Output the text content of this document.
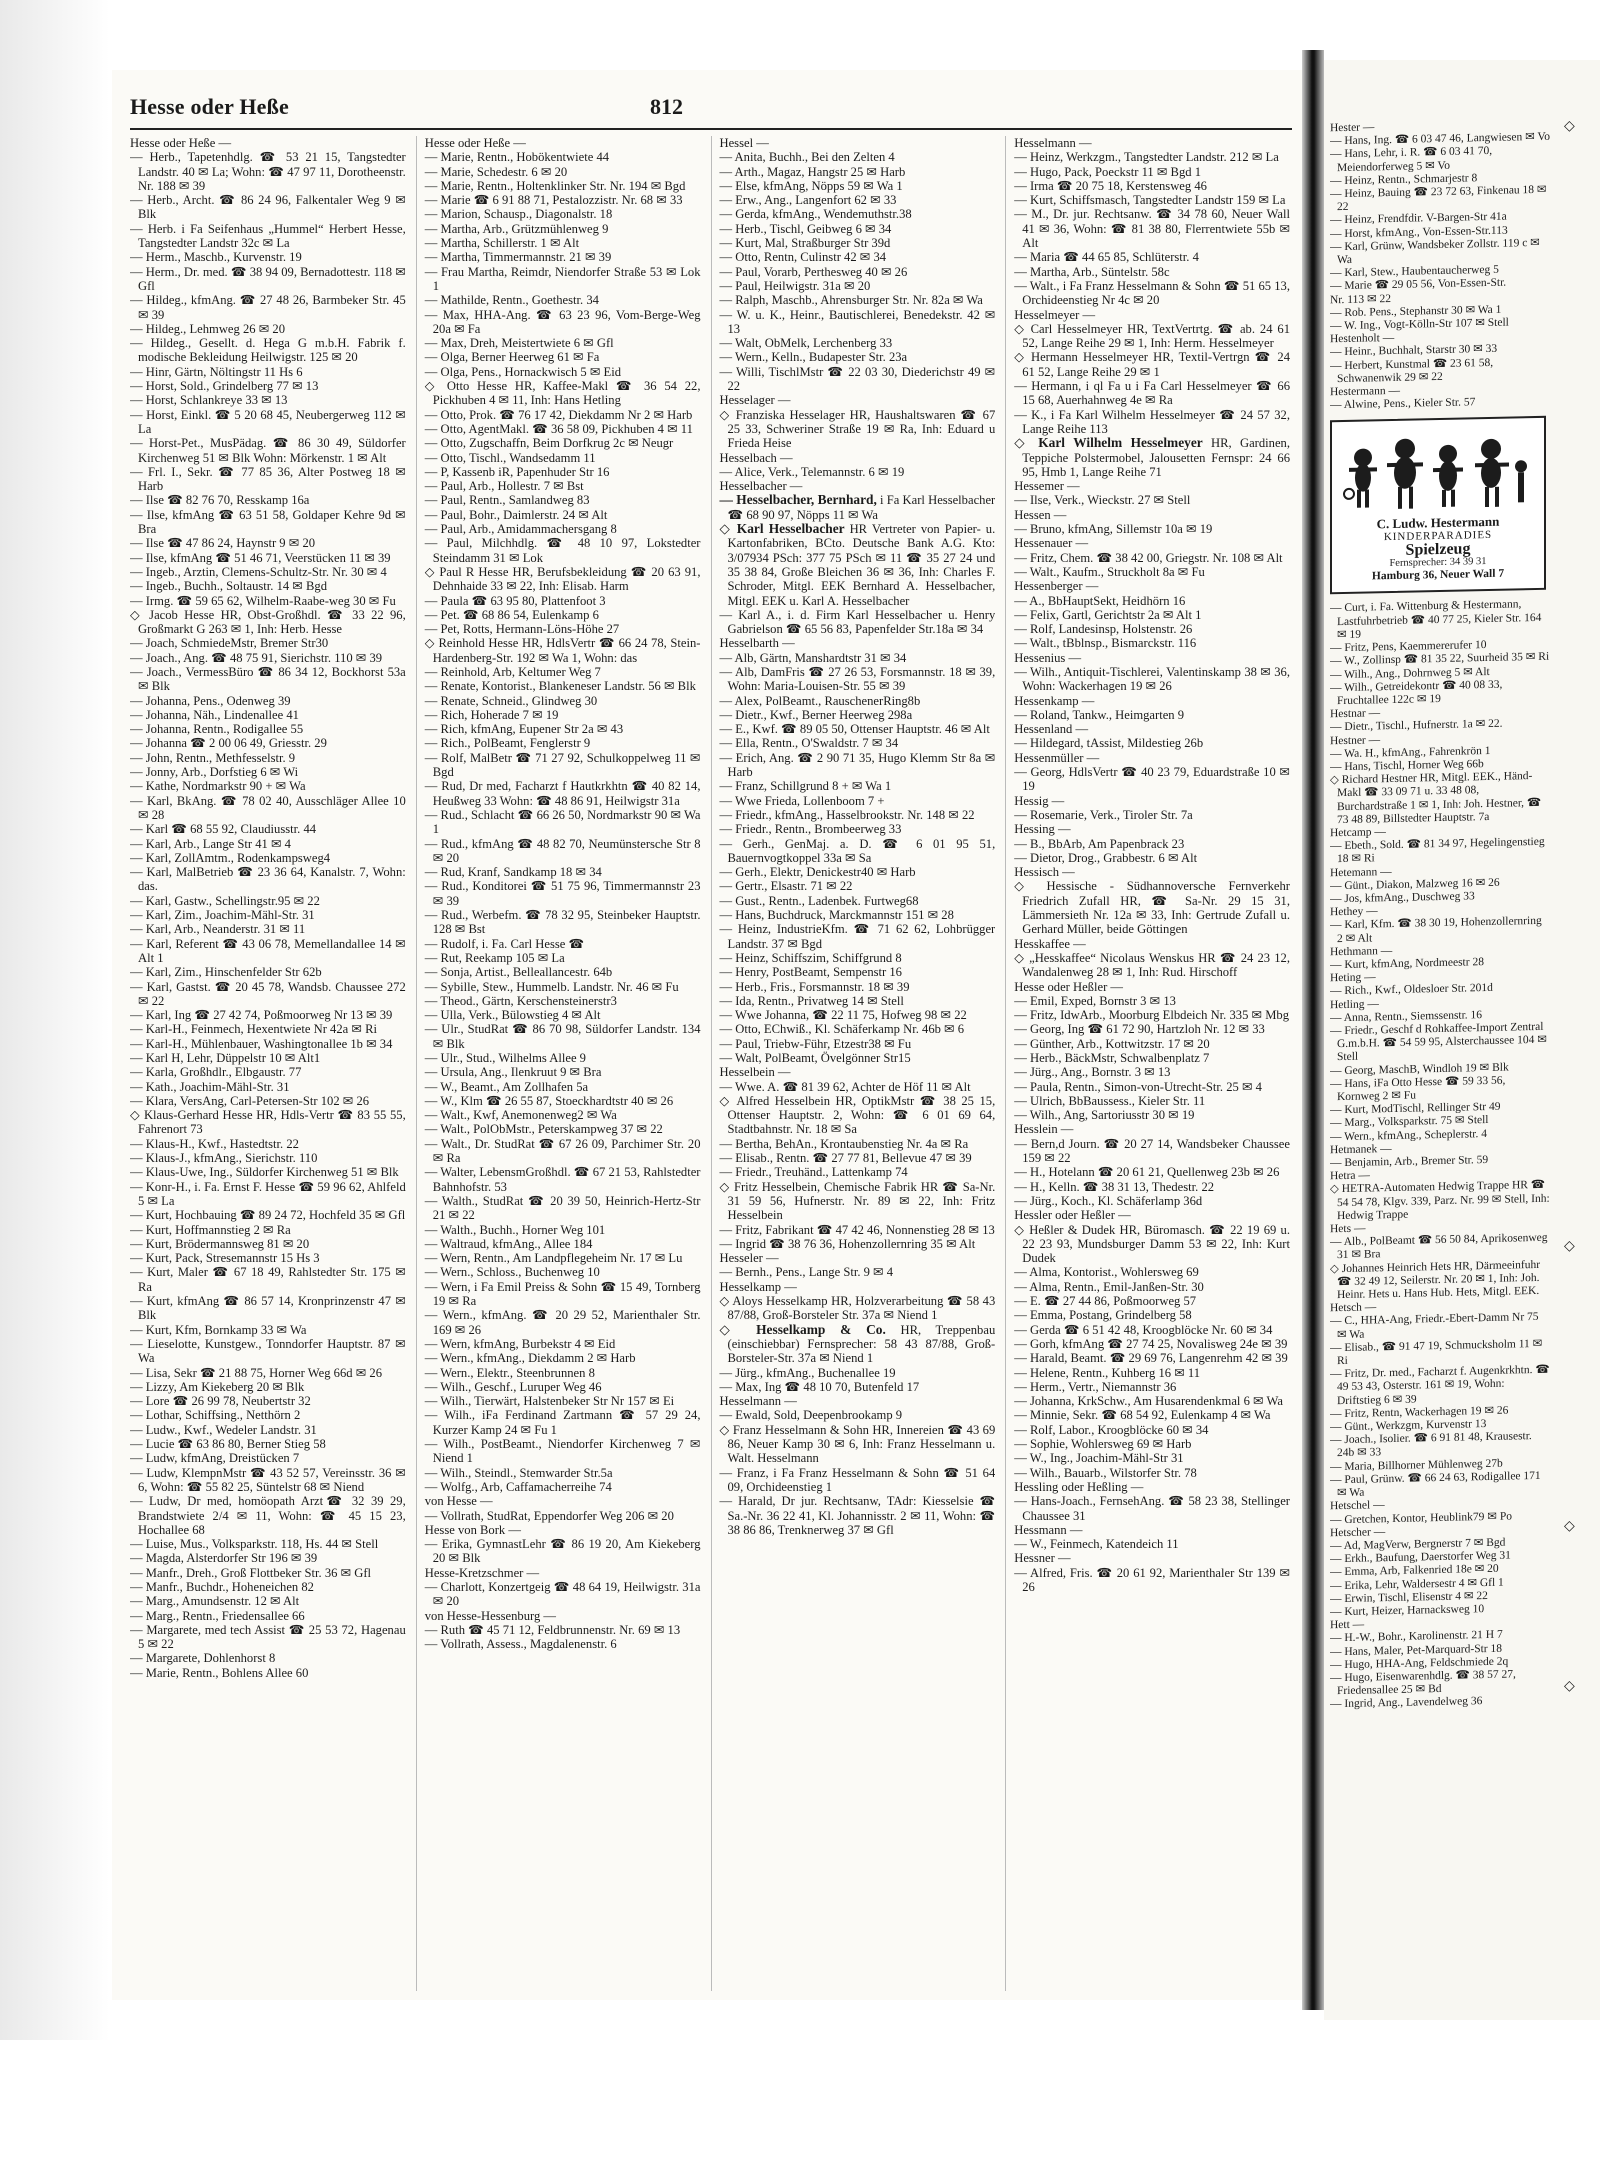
Hesse oder Heße	812
Hesse oder Heße —

— Herb., Tapetenhdlg. ☎ 53 21 15, Tangstedter Landstr. 40 ✉ La; Wohn: ☎ 47 97 11, Dorotheenstr. Nr. 188 ✉ 39

— Herb., Archt. ☎ 86 24 96, Falkentaler Weg 9 ✉ Blk

— Herb. i Fa Seifenhaus „Hummel“ Herbert Hesse, Tangstedter Landstr 32c ✉ La

— Herm., Maschb., Kurvenstr. 19

— Herm., Dr. med. ☎ 38 94 09, Bernadottestr. 118 ✉ Gfl

— Hildeg., kfmAng. ☎ 27 48 26, Barmbeker Str. 45 ✉ 39

— Hildeg., Lehmweg 26 ✉ 20

— Hildeg., Gesellt. d. Hega G m.b.H. Fabrik f. modische Bekleidung Heilwigstr. 125 ✉ 20

— Hinr, Gärtn, Nöltingstr 11 Hs 6

— Horst, Sold., Grindelberg 77 ✉ 13

— Horst, Schlankreye 33 ✉ 13

— Horst, Einkl. ☎ 5 20 68 45, Neubergerweg 112 ✉ La

— Horst-Pet., MusPädag. ☎ 86 30 49, Süldorfer Kirchenweg 51 ✉ Blk Wohn: Mörkenstr. 1 ✉ Alt

— Frl. I., Sekr. ☎ 77 85 36, Alter Postweg 18 ✉ Harb

— Ilse ☎ 82 76 70, Resskamp 16a

— Ilse, kfmAng ☎ 63 51 58, Goldaper Kehre 9d ✉ Bra

— Ilse ☎ 47 86 24, Haynstr 9 ✉ 20

— Ilse, kfmAng ☎ 51 46 71, Veerstücken 11 ✉ 39

— Ingeb., Arztin, Clemens-Schultz-Str. Nr. 30 ✉ 4

— Ingeb., Buchh., Soltaustr. 14 ✉ Bgd

— Irmg. ☎ 59 65 62, Wilhelm-Raabe-weg 30 ✉ Fu

◇ Jacob Hesse HR, Obst-Großhdl. ☎ 33 22 96, Großmarkt G 263 ✉ 1, Inh: Herb. Hesse

— Joach, SchmiedeMstr, Bremer Str30

— Joach., Ang. ☎ 48 75 91, Sierichstr. 110 ✉ 39

— Joach., VermessBüro ☎ 86 34 12, Bockhorst 53a ✉ Blk

— Johanna, Pens., Odenweg 39

— Johanna, Näh., Lindenallee 41

— Johanna, Rentn., Rodigallee 55

— Johanna ☎ 2 00 06 49, Griesstr. 29

— John, Rentn., Methfesselstr. 9

— Jonny, Arb., Dorfstieg 6 ✉ Wi

— Kathe, Nordmarkstr 90 + ✉ Wa

— Karl, BkAng. ☎ 78 02 40, Ausschläger Allee 10 ✉ 28

— Karl ☎ 68 55 92, Claudiusstr. 44

— Karl, Arb., Lange Str 41 ✉ 4

— Karl, ZollAmtm., Rodenkampsweg4

— Karl, MalBetrieb ☎ 23 36 64, Kanalstr. 7, Wohn: das.

— Karl, Gastw., Schellingstr.95 ✉ 22

— Karl, Zim., Joachim-Mähl-Str. 31

— Karl, Arb., Neanderstr. 31 ✉ 11

— Karl, Referent ☎ 43 06 78, Memellandallee 14 ✉ Alt 1

— Karl, Zim., Hinschenfelder Str 62b

— Karl, Gastst. ☎ 20 45 78, Wandsb. Chaussee 272 ✉ 22

— Karl, Ing ☎ 27 42 74, Poßmoorweg Nr 13 ✉ 39

— Karl-H., Feinmech, Hexentwiete Nr 42a ✉ Ri

— Karl-H., Mühlenbauer, Washingtonallee 1b ✉ 34

— Karl H, Lehr, Düppelstr 10 ✉ Alt1

— Karla, Großhdlr., Elbgaustr. 77

— Kath., Joachim-Mähl-Str. 31

— Klara, VersAng, Carl-Petersen-Str 102 ✉ 26

◇ Klaus-Gerhard Hesse HR, Hdls-Vertr ☎ 83 55 55, Fahrenort 73

— Klaus-H., Kwf., Hastedtstr. 22

— Klaus-J., kfmAng., Sierichstr. 110

— Klaus-Uwe, Ing., Süldorfer Kirchenweg 51 ✉ Blk

— Konr-H., i. Fa. Ernst F. Hesse ☎ 59 96 62, Ahlfeld 5 ✉ La

— Kurt, Hochbauing ☎ 89 24 72, Hochfeld 35 ✉ Gfl

— Kurt, Hoffmannstieg 2 ✉ Ra

— Kurt, Brödermannsweg 81 ✉ 20

— Kurt, Pack, Stresemannstr 15 Hs 3

— Kurt, Maler ☎ 67 18 49, Rahlstedter Str. 175 ✉ Ra

— Kurt, kfmAng ☎ 86 57 14, Kronprinzenstr 47 ✉ Blk

— Kurt, Kfm, Bornkamp 33 ✉ Wa

— Lieselotte, Kunstgew., Tonndorfer Hauptstr. 87 ✉ Wa

— Lisa, Sekr ☎ 21 88 75, Horner Weg 66d ✉ 26

— Lizzy, Am Kiekeberg 20 ✉ Blk

— Lore ☎ 26 99 78, Neubertstr 32

— Lothar, Schiffsing., Netthörn 2

— Ludw., Kwf., Wedeler Landstr. 31

— Lucie ☎ 63 86 80, Berner Stieg 58

— Ludw, kfmAng, Dreistücken 7

— Ludw, KlempnMstr ☎ 43 52 57, Vereinsstr. 36 ✉ 6, Wohn: ☎ 55 82 25, Süntelstr 68 ✉ Niend

— Ludw, Dr med, homöopath Arzt☎ 32 39 29, Brandstwiete 2/4 ✉ 11, Wohn: ☎ 45 15 23, Hochallee 68

— Luise, Mus., Volksparkstr. 118, Hs. 44 ✉ Stell

— Magda, Alsterdorfer Str 196 ✉ 39

— Manfr., Dreh., Groß Flottbeker Str. 36 ✉ Gfl

— Manfr., Buchdr., Hoheneichen 82

— Marg., Amundsenstr. 12 ✉ Alt

— Marg., Rentn., Friedensallee 66

— Margarete, med tech Assist ☎ 25 53 72, Hagenau 5 ✉ 22

— Margarete, Dohlenhorst 8

— Marie, Rentn., Bohlens Allee 60

Hesse oder Heße —

— Marie, Rentn., Hobökentwiete 44

— Marie, Schedestr. 6 ✉ 20

— Marie, Rentn., Holtenklinker Str. Nr. 194 ✉ Bgd

— Marie ☎ 6 91 88 71, Pestalozzistr. Nr. 68 ✉ 33

— Marion, Schausp., Diagonalstr. 18

— Martha, Arb., Grützmühlenweg 9

— Martha, Schillerstr. 1 ✉ Alt

— Martha, Timmermannstr. 21 ✉ 39

— Frau Martha, Reimdr, Niendorfer Straße 53 ✉ Lok 1

— Mathilde, Rentn., Goethestr. 34

— Max, HHA-Ang. ☎ 63 23 96, Vom-Berge-Weg 20a ✉ Fa

— Max, Dreh, Meistertwiete 6 ✉ Gfl

— Olga, Berner Heerweg 61 ✉ Fa

— Olga, Pens., Hornackwisch 5 ✉ Eid

◇ Otto Hesse HR, Kaffee-Makl ☎ 36 54 22, Pickhuben 4 ✉ 11, Inh: Hans Hetling

— Otto, Prok. ☎ 76 17 42, Diekdamm Nr 2 ✉ Harb

— Otto, AgentMakl. ☎ 36 58 09, Pickhuben 4 ✉ 11

— Otto, Zugschaffn, Beim Dorfkrug 2c ✉ Neugr

— Otto, Tischl., Wandsedamm 11

— P, Kassenb iR, Papenhuder Str 16

— Paul, Arb., Hollestr. 7 ✉ Bst

— Paul, Rentn., Samlandweg 83

— Paul, Bohr., Daimlerstr. 24 ✉ Alt

— Paul, Arb., Amidammachersgang 8

— Paul, Milchhdlg. ☎ 48 10 97, Lokstedter Steindamm 31 ✉ Lok

◇ Paul R Hesse HR, Berufsbekleidung ☎ 20 63 91, Dehnhaide 33 ✉ 22, Inh: Elisab. Harm

— Paula ☎ 63 95 80, Plattenfoot 3

— Pet. ☎ 68 86 54, Eulenkamp 6

— Pet, Rotts, Hermann-Löns-Höhe 27

◇ Reinhold Hesse HR, HdlsVertr ☎ 66 24 78, Stein-Hardenberg-Str. 192 ✉ Wa 1, Wohn: das

— Reinhold, Arb, Keltumer Weg 7

— Renate, Kontorist., Blankeneser Landstr. 56 ✉ Blk

— Renate, Schneid., Glindweg 30

— Rich, Hoherade 7 ✉ 19

— Rich, kfmAng, Eupener Str 2a ✉ 43

— Rich., PolBeamt, Fenglerstr 9

— Rolf, MalBetr ☎ 71 27 92, Schulkoppelweg 11 ✉ Bgd

— Rud, Dr med, Facharzt f Hautkrkhtn ☎ 40 82 14, Heußweg 33 Wohn: ☎ 48 86 91, Heilwigstr 31a

— Rud., Schlacht ☎ 66 26 50, Nordmarkstr 90 ✉ Wa 1

— Rud., kfmAng ☎ 48 82 70, Neumünstersche Str 8 ✉ 20

— Rud, Kranf, Sandkamp 18 ✉ 34

— Rud., Konditorei ☎ 51 75 96, Timmermannstr 23 ✉ 39

— Rud., Werbefm. ☎ 78 32 95, Steinbeker Hauptstr. 128 ✉ Bst

— Rudolf, i. Fa. Carl Hesse ☎

— Rut, Reekamp 105 ✉ La

— Sonja, Artist., Belleallancestr. 64b

— Sybille, Stew., Hummelb. Landstr. Nr. 46 ✉ Fu

— Theod., Gärtn, Kerschensteinerstr3

— Ulla, Verk., Bülowstieg 4 ✉ Alt

— Ulr., StudRat ☎ 86 70 98, Süldorfer Landstr. 134 ✉ Blk

— Ulr., Stud., Wilhelms Allee 9

— Ursula, Ang., Ilenkruut 9 ✉ Bra

— W., Beamt., Am Zollhafen 5a

— W., Klm ☎ 26 55 87, Stoeckhardtstr 40 ✉ 26

— Walt., Kwf, Anemonenweg2 ✉ Wa

— Walt., PolObMstr., Peterskampweg 37 ✉ 22

— Walt., Dr. StudRat ☎ 67 26 09, Parchimer Str. 20 ✉ Ra

— Walter, LebensmGroßhdl. ☎ 67 21 53, Rahlstedter Bahnhofstr. 53

— Walth., StudRat ☎ 20 39 50, Heinrich-Hertz-Str 21 ✉ 22

— Walth., Buchh., Horner Weg 101

— Waltraud, kfmAng., Allee 184

— Wern, Rentn., Am Landpflegeheim Nr. 17 ✉ Lu

— Wern., Schloss., Buchenweg 10

— Wern, i Fa Emil Preiss & Sohn ☎ 15 49, Tornberg 19 ✉ Ra

— Wern., kfmAng. ☎ 20 29 52, Marienthaler Str. 169 ✉ 26

— Wern, kfmAng, Burbekstr 4 ✉ Eid

— Wern., kfmAng., Diekdamm 2 ✉ Harb

— Wern., Elektr., Steenbrunnen 8

— Wilh., Geschf., Luruper Weg 46

— Wilh., Tierwärt, Halstenbeker Str Nr 157 ✉ Ei

— Wilh., iFa Ferdinand Zartmann ☎ 57 29 24, Kurzer Kamp 24 ✉ Fu 1

— Wilh., PostBeamt., Niendorfer Kirchenweg 7 ✉ Niend 1

— Wilh., Steindl., Stemwarder Str.5a

— Wolfg., Arb, Caffamacherreihe 74

von Hesse —

— Vollrath, StudRat, Eppendorfer Weg 206 ✉ 20

Hesse von Bork —

— Erika, GymnastLehr ☎ 86 19 20, Am Kiekeberg 20 ✉ Blk

Hesse-Kretzschmer —

— Charlott, Konzertgeig ☎ 48 64 19, Heilwigstr. 31a ✉ 20

von Hesse-Hessenburg —

— Ruth ☎ 45 71 12, Feldbrunnenstr. Nr. 69 ✉ 13

— Vollrath, Assess., Magdalenenstr. 6

Hessel —

— Anita, Buchh., Bei den Zelten 4

— Arth., Magaz, Hangstr 25 ✉ Harb

— Else, kfmAng, Nöpps 59 ✉ Wa 1

— Erw., Ang., Langenfort 62 ✉ 33

— Gerda, kfmAng., Wendemuthstr.38

— Herb., Tischl, Geibweg 6 ✉ 34

— Kurt, Mal, Straßburger Str 39d

— Otto, Rentn, Culinstr 42 ✉ 34

— Paul, Vorarb, Perthesweg 40 ✉ 26

— Paul, Heilwigstr. 31a ✉ 20

— Ralph, Maschb., Ahrensburger Str. Nr. 82a ✉ Wa

— W. u. K., Heinr., Bautischlerei, Benedekstr. 42 ✉ 13

— Walt, ObMelk, Lerchenberg 33

— Wern., Kelln., Budapester Str. 23a

— Willi, TischlMstr ☎ 22 03 30, Diederichstr 49 ✉ 22

Hesselager —

◇ Franziska Hesselager HR, Haushaltswaren ☎ 67 25 33, Schweriner Straße 19 ✉ Ra, Inh: Eduard u Frieda Heise

Hesselbach —

— Alice, Verk., Telemannstr. 6 ✉ 19

Hesselbacher —

— Hesselbacher, Bernhard, i Fa Karl Hesselbacher ☎ 68 90 97, Nöpps 11 ✉ Wa

◇ Karl Hesselbacher HR Vertreter von Papier- u. Kartonfabriken, BCto. Deutsche Bank A.G. Kto: 3/07934 PSch: 377 75 PSch ✉ 11 ☎ 35 27 24 und 35 38 84, Große Bleichen 36 ✉ 36, Inh: Charles F. Schroder, Mitgl. EEK Bernhard A. Hesselbacher, Mitgl. EEK u. Karl A. Hesselbacher

— Karl A., i. d. Firm Karl Hesselbacher u. Henry Gabrielson ☎ 65 56 83, Papenfelder Str.18a ✉ 34

Hesselbarth —

— Alb, Gärtn, Manshardtstr 31 ✉ 34

— Alb, DamFris ☎ 27 26 53, Forsmannstr. 18 ✉ 39, Wohn: Maria-Louisen-Str. 55 ✉ 39

— Alex, PolBeamt., RauschenerRing8b

— Dietr., Kwf., Berner Heerweg 298a

— E., Kwf. ☎ 89 05 50, Ottenser Hauptstr. 46 ✉ Alt

— Ella, Rentn., O'Swaldstr. 7 ✉ 34

— Erich, Ang. ☎ 2 90 71 35, Hugo Klemm Str 8a ✉ Harb

— Franz, Schillgrund 8 + ✉ Wa 1

— Wwe Frieda, Lollenboom 7 +

— Friedr., kfmAng., Hasselbrookstr. Nr. 148 ✉ 22

— Friedr., Rentn., Brombeerweg 33

— Gerh., GenMaj. a. D. ☎ 6 01 95 51, Bauernvogtkoppel 33a ✉ Sa

— Gerh., Elektr, Denickestr40 ✉ Harb

— Gertr., Elsastr. 71 ✉ 22

— Gust., Rentn., Ladenbek. Furtweg68

— Hans, Buchdruck, Marckmannstr 151 ✉ 28

— Heinz, IndustrieKfm. ☎ 71 62 62, Lohbrügger Landstr. 37 ✉ Bgd

— Heinz, Schiffszim, Schiffgrund 8

— Henry, PostBeamt, Sempenstr 16

— Herb., Fris., Forsmannstr. 18 ✉ 39

— Ida, Rentn., Privatweg 14 ✉ Stell

— Wwe Johanna, ☎ 22 11 75, Hofweg 98 ✉ 22

— Otto, EChwiß., Kl. Schäferkamp Nr. 46b ✉ 6

— Paul, Triebw-Führ, Etzestr38 ✉ Fu

— Walt, PolBeamt, Övelgönner Str15

Hesselbein —

— Wwe. A. ☎ 81 39 62, Achter de Höf 11 ✉ Alt

◇ Alfred Hesselbein HR, OptikMstr ☎ 38 25 15, Ottenser Hauptstr. 2, Wohn: ☎ 6 01 69 64, Stadtbahnstr. Nr. 18 ✉ Sa

— Bertha, BehAn., Krontaubenstieg Nr. 4a ✉ Ra

— Elisab., Rentn. ☎ 27 77 81, Bellevue 47 ✉ 39

— Friedr., Treuhänd., Lattenkamp 74

◇ Fritz Hesselbein, Chemische Fabrik HR ☎ Sa-Nr. 31 59 56, Hufnerstr. Nr. 89 ✉ 22, Inh: Fritz Hesselbein

— Fritz, Fabrikant ☎ 47 42 46, Nonnenstieg 28 ✉ 13

— Ingrid ☎ 38 76 36, Hohenzollernring 35 ✉ Alt

Hesseler —

— Bernh., Pens., Lange Str. 9 ✉ 4

Hesselkamp —

◇ Aloys Hesselkamp HR, Holzverarbeitung ☎ 58 43 87/88, Groß-Borsteler Str. 37a ✉ Niend 1

◇ Hesselkamp & Co. HR, Treppenbau (einschiebbar) Fernsprecher: 58 43 87/88, Groß-Borsteler-Str. 37a ✉ Niend 1

— Jürg., kfmAng., Buchenallee 19

— Max, Ing ☎ 48 10 70, Butenfeld 17

Hesselmann —

— Ewald, Sold, Deepenbrookamp 9

◇ Franz Hesselmann & Sohn HR, Innereien ☎ 43 69 86, Neuer Kamp 30 ✉ 6, Inh: Franz Hesselmann u. Walt. Hesselmann

— Franz, i Fa Franz Hesselmann & Sohn ☎ 51 64 09, Orchideenstieg 1

— Harald, Dr jur. Rechtsanw, TAdr: Kiesselsie ☎ Sa.-Nr. 36 22 41, Kl. Johannisstr. 2 ✉ 11, Wohn: ☎ 38 86 86, Trenknerweg 37 ✉ Gfl

Hesselmann —

— Heinz, Werkzgm., Tangstedter Landstr. 212 ✉ La

— Hugo, Pack, Poeckstr 11 ✉ Bgd 1

— Irma ☎ 20 75 18, Kerstensweg 46

— Kurt, Schiffsmasch, Tangstedter Landstr 159 ✉ La

— M., Dr. jur. Rechtsanw. ☎ 34 78 60, Neuer Wall 41 ✉ 36, Wohn: ☎ 81 38 80, Flerrentwiete 55b ✉ Alt

— Maria ☎ 44 65 85, Schlüterstr. 4

— Martha, Arb., Süntelstr. 58c

— Walt., i Fa Franz Hesselmann & Sohn ☎ 51 65 13, Orchideenstieg Nr 4c ✉ 20

Hesselmeyer —

◇ Carl Hesselmeyer HR, TextVertrtg. ☎ ab. 24 61 52, Lange Reihe 29 ✉ 1, Inh: Herm. Hesselmeyer

◇ Hermann Hesselmeyer HR, Textil-Vertrgn ☎ 24 61 52, Lange Reihe 29 ✉ 1

— Hermann, i ql Fa u i Fa Carl Hesselmeyer ☎ 66 15 68, Auerhahnweg 4e ✉ Ra

— K., i Fa Karl Wilhelm Hesselmeyer ☎ 24 57 32, Lange Reihe 113

◇ Karl Wilhelm Hesselmeyer HR, Gardinen, Teppiche Polstermobel, Jalousetten Fernspr: 24 66 95, Hmb 1, Lange Reihe 71

Hessemer —

— Ilse, Verk., Wieckstr. 27 ✉ Stell

Hessen —

— Bruno, kfmAng, Sillemstr 10a ✉ 19

Hessenauer —

— Fritz, Chem. ☎ 38 42 00, Griegstr. Nr. 108 ✉ Alt

— Walt., Kaufm., Struckholt 8a ✉ Fu

Hessenberger —

— A., BbHauptSekt, Heidhörn 16

— Felix, Gartl, Gerichtstr 2a ✉ Alt 1

— Rolf, Landesinsp, Holstenstr. 26

— Walt., tBblnsp., Bismarckstr. 116

Hessenius —

— Wilh., Antiquit-Tischlerei, Valentinskamp 38 ✉ 36, Wohn: Wackerhagen 19 ✉ 26

Hessenkamp —

— Roland, Tankw., Heimgarten 9

Hessenland —

— Hildegard, tAssist, Mildestieg 26b

Hessenmüller —

— Georg, HdlsVertr ☎ 40 23 79, Eduardstraße 10 ✉ 19

Hessig —

— Rosemarie, Verk., Tiroler Str. 7a

Hessing —

— B., BbArb, Am Papenbrack 23

— Dietor, Drog., Grabbestr. 6 ✉ Alt

Hessisch —

◇ Hessische - Südhannoversche Fernverkehr Friedrich Zufall HR, ☎ Sa-Nr. 29 15 31, Lämmersieth Nr. 12a ✉ 33, Inh: Gertrude Zufall u. Gerhard Müller, beide Göttingen

Hesskaffee —

◇ „Hesskaffee“ Nicolaus Wenskus HR ☎ 24 23 12, Wandalenweg 28 ✉ 1, Inh: Rud. Hirschoff

Hesse oder Heßler —

— Emil, Exped, Bornstr 3 ✉ 13

— Fritz, IdwArb., Moorburg Elbdeich Nr. 335 ✉ Mbg

— Georg, Ing ☎ 61 72 90, Hartzloh Nr. 12 ✉ 33

— Günther, Arb., Kottwitzstr. 17 ✉ 20

— Herb., BäckMstr, Schwalbenplatz 7

— Jürg., Ang., Bornstr. 3 ✉ 13

— Paula, Rentn., Simon-von-Utrecht-Str. 25 ✉ 4

— Ulrich, BbBaussess., Kieler Str. 11

— Wilh., Ang, Sartoriusstr 30 ✉ 19

Hesslein —

— Bern,d Journ. ☎ 20 27 14, Wandsbeker Chaussee 159 ✉ 22

— H., Hotelann ☎ 20 61 21, Quellenweg 23b ✉ 26

— H., Kelln. ☎ 38 31 13, Thedestr. 22

— Jürg., Koch., Kl. Schäferlamp 36d

Hessler oder Heßler —

◇ Heßler & Dudek HR, Büromasch. ☎ 22 19 69 u. 22 23 93, Mundsburger Damm 53 ✉ 22, Inh: Kurt Dudek

— Alma, Kontorist., Wohlersweg 69

— Alma, Rentn., Emil-Janßen-Str. 30

— E. ☎ 27 44 86, Poßmoorweg 57

— Emma, Postang, Grindelberg 58

— Gerda ☎ 6 51 42 48, Kroogblöcke Nr. 60 ✉ 34

— Gorh, kfmAng ☎ 27 74 25, Novalisweg 24e ✉ 39

— Harald, Beamt. ☎ 29 69 76, Langenrehm 42 ✉ 39

— Helene, Rentn., Kuhberg 16 ✉ 11

— Herm., Vertr., Niemannstr 36

— Johanna, KrkSchw., Am Husarendenkmal 6 ✉ Wa

— Minnie, Sekr. ☎ 68 54 92, Eulenkamp 4 ✉ Wa

— Rolf, Labor., Kroogblöcke 60 ✉ 34

— Sophie, Wohlersweg 69 ✉ Harb

— W., Ing., Joachim-Mähl-Str 31

— Wilh., Bauarb., Wilstorfer Str. 78

Hessling oder Heßling —

— Hans-Joach., FernsehAng. ☎ 58 23 38, Stellinger Chaussee 31

Hessmann —

— W., Feinmech, Katendeich 11

Hessner —

— Alfred, Fris. ☎ 20 61 92, Marienthaler Str 139 ✉ 26

Hester —

— Hans, Ing. ☎ 6 03 47 46, Langwiesen ✉ Vo

— Hans, Lehr, i. R. ☎ 6 03 41 70, Meiendorferweg 5 ✉ Vo

— Heinz, Rentn., Schmarjestr 8

— Heinz, Bauing ☎ 23 72 63, Finkenau 18 ✉ 22

— Heinz, Frendfdir. V-Bargen-Str 41a

— Horst, kfmAng., Von-Essen-Str.113

— Karl, Grünw, Wandsbeker Zollstr. 119 c ✉ Wa

— Karl, Stew., Haubentaucherweg 5

— Marie ☎ 29 05 56, Von-Essen-Str.

Nr. 113 ✉ 22

— Rob. Pens., Stephanstr 30 ✉ Wa 1

— W. Ing., Vogt-Kölln-Str 107 ✉ Stell

Hestenholt —

— Heinr., Buchhalt, Starstr 30 ✉ 33

— Herbert, Kunstmal ☎ 23 61 58, Schwanenwik 29 ✉ 22

Hestermann —

— Alwine, Pens., Kieler Str. 57

C. Ludw. Hestermann
KINDERPARADIES
Spielzeug
Fernsprecher: 34 39 31
Hamburg 36, Neuer Wall 7

— Curt, i. Fa. Wittenburg & Hestermann, Lastfuhrbetrieb ☎ 40 77 25, Kieler Str. 164 ✉ 19

— Fritz, Pens, Kaemmererufer 10

— W., Zollinsp ☎ 81 35 22, Suurheid 35 ✉ Ri

— Wilh., Ang., Dohrnweg 5 ✉ Alt

— Wilh., Getreidekontr ☎ 40 08 33, Fruchtallee 122c ✉ 19

Hestnar —

— Dietr., Tischl., Hufnerstr. 1a ✉ 22.

Hestner —

— Wa. H., kfmAng., Fahrenkrön 1

— Hans, Tischl, Horner Weg 66b

◇ Richard Hestner HR, Mitgl. EEK., Händ-Makl ☎ 33 09 71 u. 33 48 08, Burchardstraße 1 ✉ 1, Inh: Joh. Hestner, ☎ 73 48 89, Billstedter Hauptstr. 7a

Hetcamp —

— Ebeth., Sold. ☎ 81 34 97, Hegelingenstieg 18 ✉ Ri

Hetemann —

— Günt., Diakon, Malzweg 16 ✉ 26

— Jos, kfmAng., Duschweg 33

Hethey —

— Karl, Kfm. ☎ 38 30 19, Hohenzollernring 2 ✉ Alt

Hethmann —

— Kurt, kfmAng, Nordmeestr 28

Heting —

— Rich., Kwf., Oldesloer Str. 201d

Hetling —

— Anna, Rentn., Siemssenstr. 16

— Friedr., Geschf d Rohkaffee-Import Zentral G.m.b.H. ☎ 54 59 95, Alsterchaussee 104 ✉ Stell

— Georg, MaschB, Windloh 19 ✉ Blk

— Hans, iFa Otto Hesse ☎ 59 33 56, Kornweg 2 ✉ Fu

— Kurt, ModTischl, Rellinger Str 49

— Marg., Volksparkstr. 75 ✉ Stell

— Wern., kfmAng., Scheplerstr. 4

Hetmanek —

— Benjamin, Arb., Bremer Str. 59

Hetra —

◇ HETRA-Automaten Hedwig Trappe HR ☎ 54 54 78, Klgv. 339, Parz. Nr. 99 ✉ Stell, Inh: Hedwig Trappe

Hets —

— Alb., PolBeamt ☎ 56 50 84, Aprikosenweg 31 ✉ Bra

◇ Johannes Heinrich Hets HR, Därmeeinfuhr ☎ 32 49 12, Seilerstr. Nr. 20 ✉ 1, Inh: Joh. Heinr. Hets u. Hans Hub. Hets, Mitgl. EEK.

Hetsch —

— C., HHA-Ang, Friedr.-Ebert-Damm Nr 75 ✉ Wa

— Elisab., ☎ 91 47 19, Schmucksholm 11 ✉ Ri

— Fritz, Dr. med., Facharzt f. Augenkrkhtn. ☎ 49 53 43, Osterstr. 161 ✉ 19, Wohn: Driftstieg 6 ✉ 39

— Fritz, Rentn, Wackerhagen 19 ✉ 26

— Günt., Werkzgm, Kurvenstr 13

— Joach., Isolier. ☎ 6 91 81 48, Krausestr. 24b ✉ 33

— Maria, Billhorner Mühlenweg 27b

— Paul, Grünw. ☎ 66 24 63, Rodigallee 171 ✉ Wa

Hetschel —

— Gretchen, Kontor, Heublink79 ✉ Po

Hetscher —

— Ad, MagVerw, Bergnerstr 7 ✉ Bgd

— Erkh., Baufung, Daerstorfer Weg 31

— Emma, Arb, Falkenried 18e ✉ 20

— Erika, Lehr, Waldersestr 4 ✉ Gfl 1

— Erwin, Tischl, Elisenstr 4 ✉ 22

— Kurt, Heizer, Harnacksweg 10

Hett —

— H.-W., Bohr., Karolinenstr. 21 H 7

— Hans, Maler, Pet-Marquard-Str 18

— Hugo, HHA-Ang, Feldschmiede 2q

— Hugo, Eisenwarenhdlg. ☎ 38 57 27, Friedensallee 25 ✉ Bd

— Ingrid, Ang., Lavendelweg 36

◇
◇
◇
◇
